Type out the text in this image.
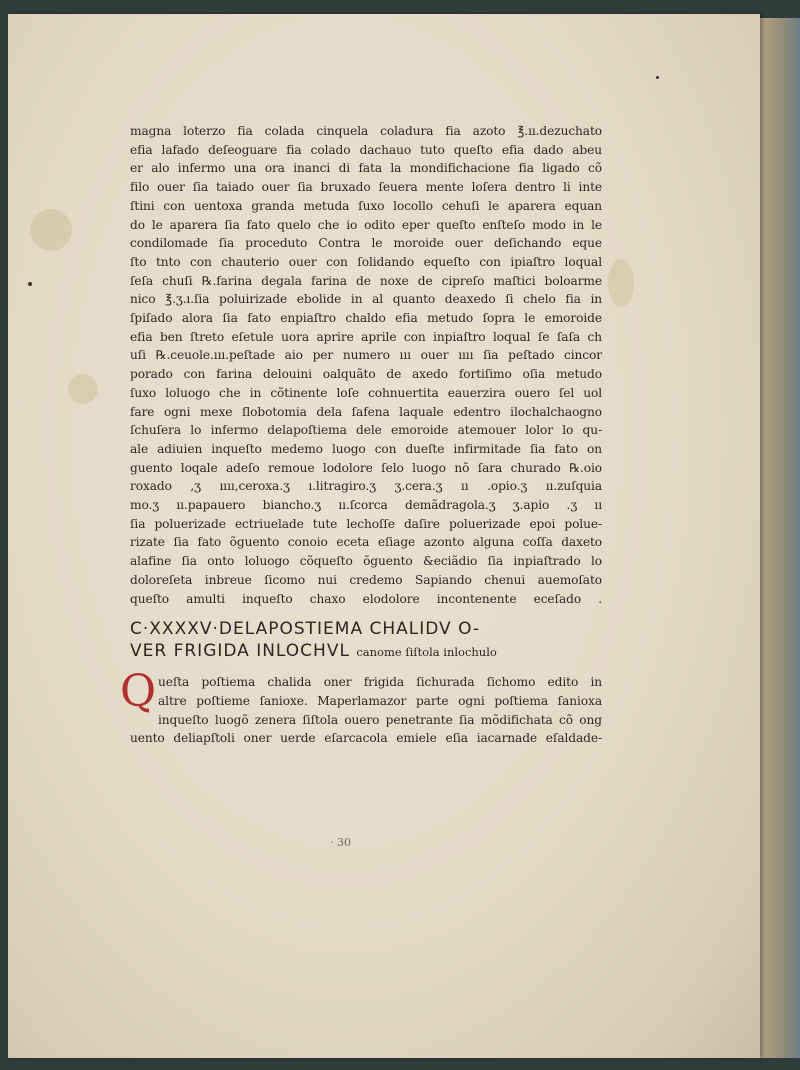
magna loterzo fia colada cinquela coladura fia azoto ℥.ıı.dezuchato
efia lafado deſeoguare fia colado dachauo tuto queſto efia dado abeu
er alo infermo una ora inanci di fata la mondifichacione fia ligado cõ
filo ouer ſia taiado ouer ſia bruxado ſeuera mente loſera dentro li inte
ſtini con uentoxa granda metuda ſuxo locollo cehuſi le aparera equan
do le aparera ſia fato quelo che io odito eper queſto enſteſo modo in le
condilomade ſia proceduto Contra le moroide ouer deſichando eque
ſto tnto con chauterio ouer con ſolidando equeſto con ipiaſtro loqual
ſeſa chuſi ℞.farina degala farina de noxe de cipreſo maſtici boloarme
nico ℥.ʒ.ı.ſia poluirizade ebolide in al quanto deaxedo ſi chelo fia in
ſpiſado alora ſia fato enpiaſtro chaldo efia metudo ſopra le emoroide
efia ben ſtreto eſetule uora aprire aprile con inpiaſtro loqual ſe ſaſa ch
uſi ℞.ceuole.ııı.peſtade aio per numero ııı ouer ıııı ſia peſtado cincor
porado con farina delouini oalquãto de axedo fortiſimo oſia metudo
ſuxo loluogo che in cõtinente loſe cohnuertita eauerzira ouero ſel uol
fare ogni mexe ſlobotomia dela ſafena laquale edentro ilochalchaogno
ſchuſera lo infermo delapoſtiema dele emoroide atemouer lolor lo qu-
ale adiuien inqueſto medemo luogo con dueſte infirmitade ſia fato on
guento loqale adeſo remoue lodolore ſelo luogo nõ ſara churado ℞.oio
roxado ,ʒ ıııı,ceroxa.ʒ ı.litragiro.ʒ ʒ.cera.ʒ ıı .opio.ʒ ıı.zuſquia
mo.ʒ ıı.papauero biancho.ʒ ıı.ſcorca demãdragola.ʒ ʒ.apio .ʒ ıı
ſia poluerizade ectriuelade tute lechoſſe daſire poluerizade epoi polue-
rizate ſia fato õguento conoio eceta eſiage azonto alguna coſſa daxeto
alafine ſia onto loluogo cõqueſto õguento &eciãdio ſia inpiaſtrado lo
doloreſeta inbreue ſicomo nui credemo Sapiando chenui auemoſato
queſto amulti inqueſto chaxo elodolore incontenente eceſado .
C·XXXXV·DELAPOSTIEMA CHALIDV O-
VER FRIGIDA INLOCHVL canome ſiſtola inlochulo
Q ueſta poſtiema chalida oner frigida ſichurada ſichomo edito in
altre poſtieme ſanioxe. Maperlamazor parte ogni poſtiema ſanioxa
inqueſto luogõ zenera ſiſtola ouero penetrante ſia mõdifichata cõ ong
uento deliapſtoli oner uerde eſarcacola emiele eſia iacarnade eſaldade-
· 30
